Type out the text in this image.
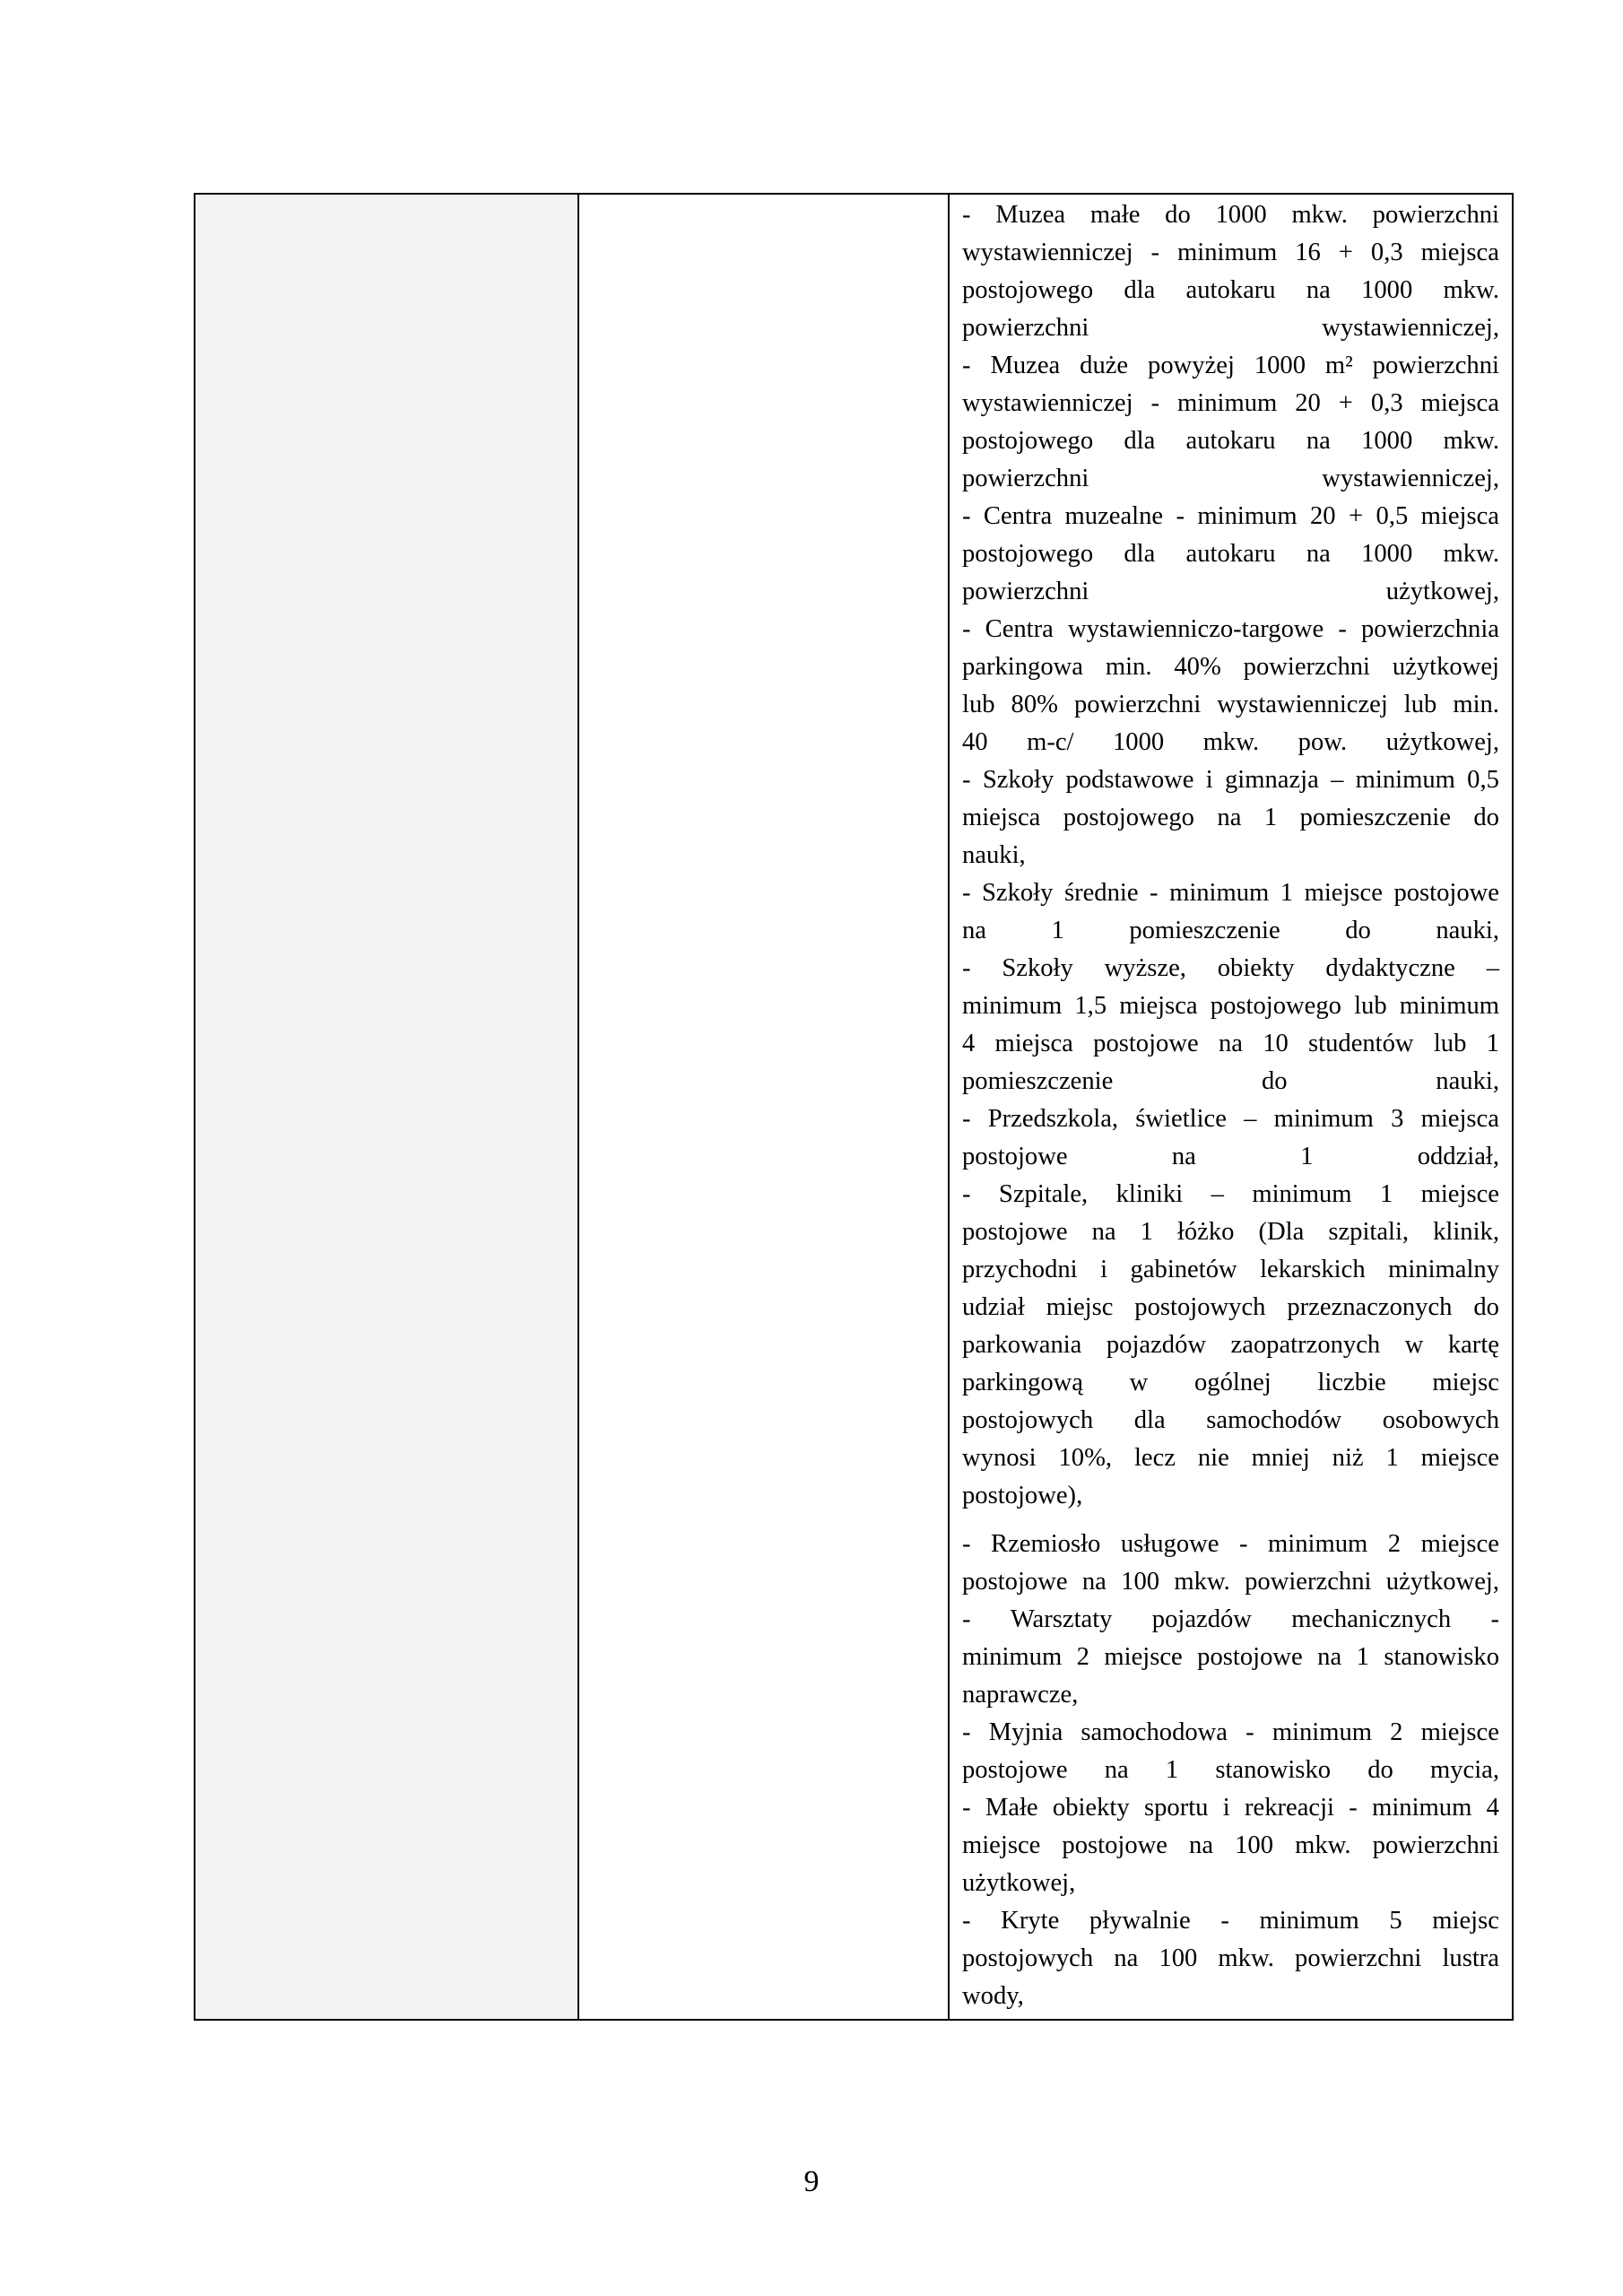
- Muzea małe do 1000 mkw. powierzchni
wystawienniczej - minimum 16 + 0,3 miejsca
postojowego dla autokaru na 1000 mkw.
powierzchni	wystawienniczej,
- Muzea duże powyżej 1000 m² powierzchni
wystawienniczej - minimum 20 + 0,3 miejsca
postojowego dla autokaru na 1000 mkw.
powierzchni	wystawienniczej,
- Centra muzealne - minimum 20 + 0,5 miejsca
postojowego dla autokaru na 1000 mkw.
powierzchni	użytkowej,
- Centra wystawienniczo-targowe - powierzchnia
parkingowa min. 40% powierzchni użytkowej
lub 80% powierzchni wystawienniczej lub min.
40 m-c/ 1000 mkw. pow. użytkowej,
- Szkoły podstawowe i gimnazja – minimum 0,5
miejsca postojowego na 1 pomieszczenie do
nauki,
- Szkoły średnie - minimum 1 miejsce postojowe
na	1	pomieszczenie	do	nauki,
- Szkoły wyższe, obiekty dydaktyczne –
minimum 1,5 miejsca postojowego lub minimum
4 miejsca postojowe na 10 studentów lub 1
pomieszczenie	do	nauki,
- Przedszkola, świetlice – minimum 3 miejsca
postojowe	na	1	oddział,
- Szpitale, kliniki – minimum 1 miejsce
postojowe na 1 łóżko (Dla szpitali, klinik,
przychodni i gabinetów lekarskich minimalny
udział miejsc postojowych przeznaczonych do
parkowania pojazdów zaopatrzonych w kartę
parkingową w ogólnej liczbie miejsc
postojowych dla samochodów osobowych
wynosi 10%, lecz nie mniej niż 1 miejsce
postojowe),
- Rzemiosło usługowe - minimum 2 miejsce
postojowe na 100 mkw. powierzchni użytkowej,
- Warsztaty pojazdów mechanicznych -
minimum 2 miejsce postojowe na 1 stanowisko
naprawcze,
- Myjnia samochodowa - minimum 2 miejsce
postojowe na 1 stanowisko do mycia,
- Małe obiekty sportu i rekreacji - minimum 4
miejsce postojowe na 100 mkw. powierzchni
użytkowej,
- Kryte pływalnie - minimum 5 miejsc
postojowych na 100 mkw. powierzchni lustra
wody,
9
